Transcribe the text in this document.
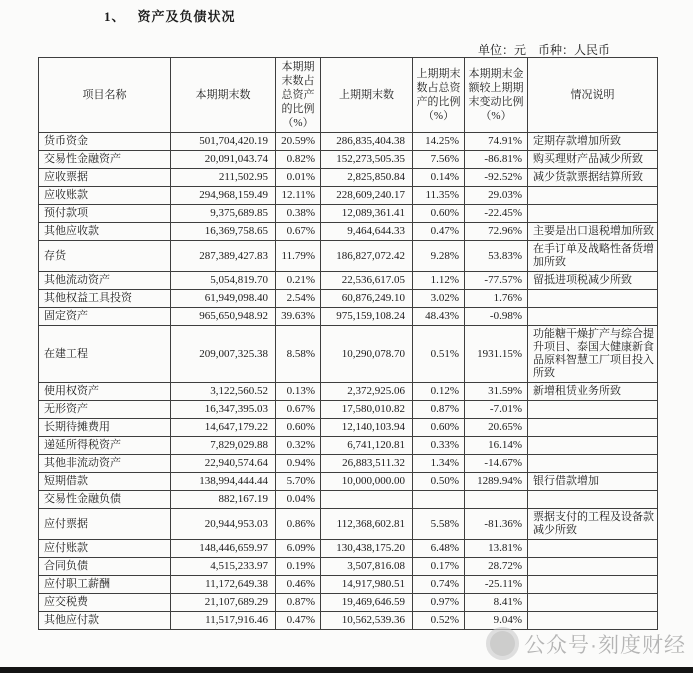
1、 资产及负债状况
单位：元 币种：人民币
项目名称	本期期末数	本期期末数占总资产的比例（%）	上期期末数	上期期末数占总资产的比例（%）	本期期末金额较上期期末变动比例（%）	情况说明
货币资金	501,704,420.19	20.59%	286,835,404.38	14.25%	74.91%	定期存款增加所致
交易性金融资产	20,091,043.74	0.82%	152,273,505.35	7.56%	-86.81%	购买理财产品减少所致
应收票据	211,502.95	0.01%	2,825,850.84	0.14%	-92.52%	减少货款票据结算所致
应收账款	294,968,159.49	12.11%	228,609,240.17	11.35%	29.03%	
预付款项	9,375,689.85	0.38%	12,089,361.41	0.60%	-22.45%	
其他应收款	16,369,758.65	0.67%	9,464,644.33	0.47%	72.96%	主要是出口退税增加所致
存货	287,389,427.83	11.79%	186,827,072.42	9.28%	53.83%	在手订单及战略性备货增加所致
其他流动资产	5,054,819.70	0.21%	22,536,617.05	1.12%	-77.57%	留抵进项税减少所致
其他权益工具投资	61,949,098.40	2.54%	60,876,249.10	3.02%	1.76%	
固定资产	965,650,948.92	39.63%	975,159,108.24	48.43%	-0.98%	
在建工程	209,007,325.38	8.58%	10,290,078.70	0.51%	1931.15%	功能糖干燥扩产与综合提升项目、泰国大健康新食品原料智慧工厂项目投入所致
使用权资产	3,122,560.52	0.13%	2,372,925.06	0.12%	31.59%	新增租赁业务所致
无形资产	16,347,395.03	0.67%	17,580,010.82	0.87%	-7.01%	
长期待摊费用	14,647,179.22	0.60%	12,140,103.94	0.60%	20.65%	
递延所得税资产	7,829,029.88	0.32%	6,741,120.81	0.33%	16.14%	
其他非流动资产	22,940,574.64	0.94%	26,883,511.32	1.34%	-14.67%	
短期借款	138,994,444.44	5.70%	10,000,000.00	0.50%	1289.94%	银行借款增加
交易性金融负债	882,167.19	0.04%				
应付票据	20,944,953.03	0.86%	112,368,602.81	5.58%	-81.36%	票据支付的工程及设备款减少所致
应付账款	148,446,659.97	6.09%	130,438,175.20	6.48%	13.81%	
合同负债	4,515,233.97	0.19%	3,507,816.08	0.17%	28.72%	
应付职工薪酬	11,172,649.38	0.46%	14,917,980.51	0.74%	-25.11%	
应交税费	21,107,689.29	0.87%	19,469,646.59	0.97%	8.41%	
其他应付款	11,517,916.46	0.47%	10,562,539.36	0.52%	9.04%	
公众号·刻度财经
